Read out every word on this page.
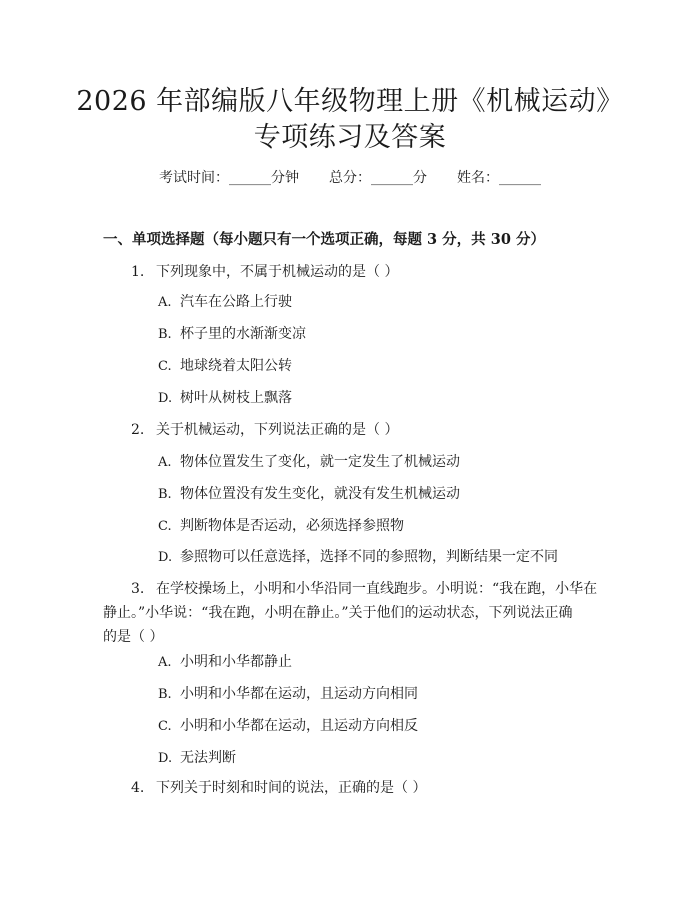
2026 年部编版八年级物理上册《机械运动》
专项练习及答案
考试时间：______分钟 总分：______分 姓名：______
一、单项选择题（每小题只有一个选项正确，每题 3 分，共 30 分）
1. 下列现象中，不属于机械运动的是（ ）
A. 汽车在公路上行驶
B. 杯子里的水渐渐变凉
C. 地球绕着太阳公转
D. 树叶从树枝上飘落
2. 关于机械运动，下列说法正确的是（ ）
A. 物体位置发生了变化，就一定发生了机械运动
B. 物体位置没有发生变化，就没有发生机械运动
C. 判断物体是否运动，必须选择参照物
D. 参照物可以任意选择，选择不同的参照物，判断结果一定不同
3. 在学校操场上，小明和小华沿同一直线跑步。小明说：“我在跑，小华在
静止。”小华说：“我在跑，小明在静止。”关于他们的运动状态，下列说法正确
的是（ ）
A. 小明和小华都静止
B. 小明和小华都在运动，且运动方向相同
C. 小明和小华都在运动，且运动方向相反
D. 无法判断
4. 下列关于时刻和时间的说法，正确的是（ ）
